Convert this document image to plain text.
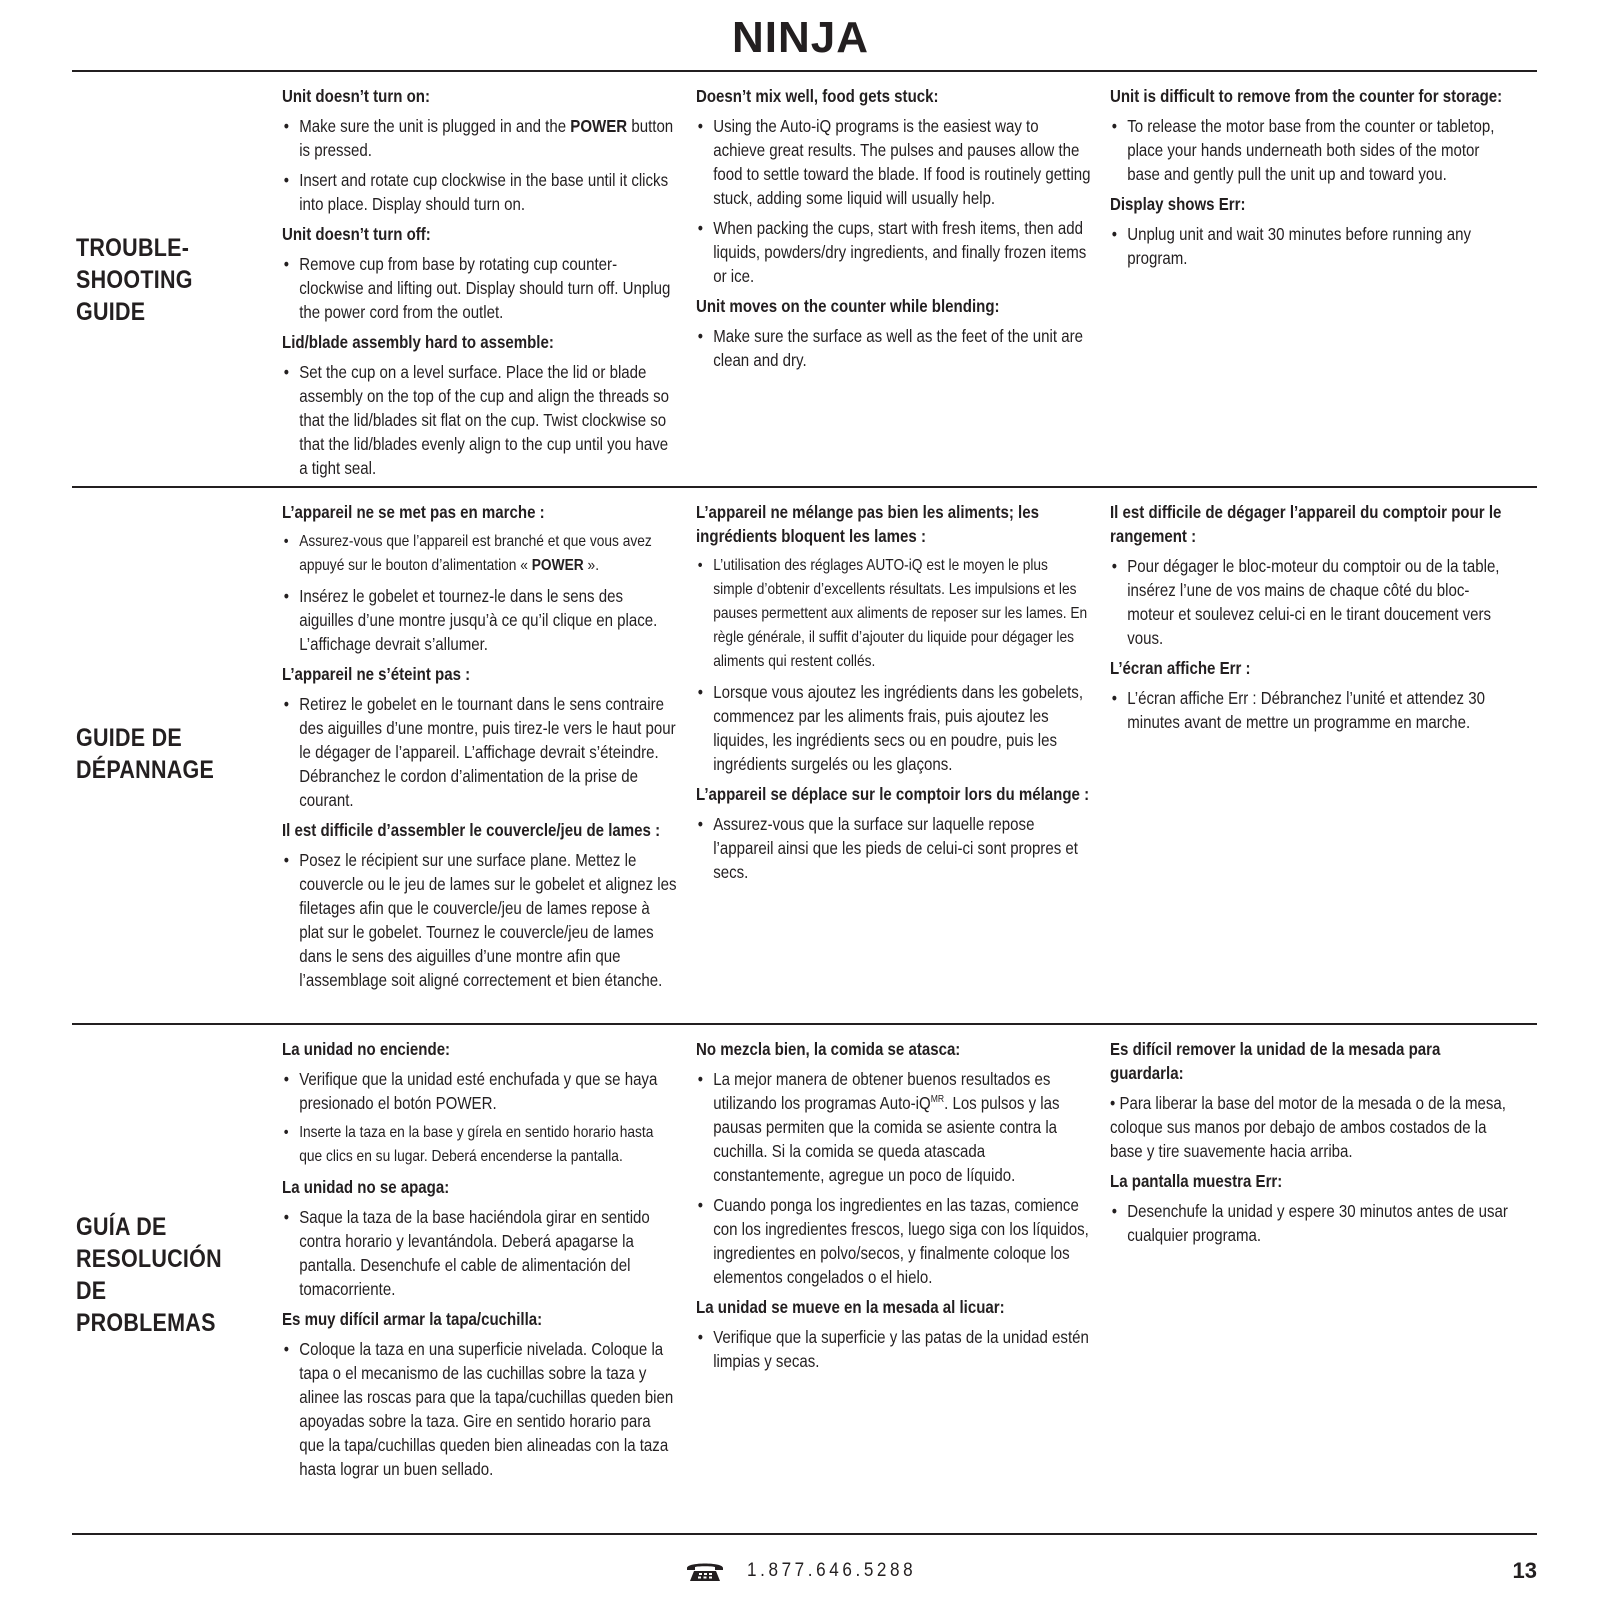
NINJA
TROUBLE-
SHOOTING
GUIDE
Unit doesn’t turn on:
• Make sure the unit is plugged in and the POWER button is pressed.
• Insert and rotate cup clockwise in the base until it clicks into place. Display should turn on.
Unit doesn’t turn off:
• Remove cup from base by rotating cup counter-clockwise and lifting out. Display should turn off. Unplug the power cord from the outlet.
Lid/blade assembly hard to assemble:
• Set the cup on a level surface. Place the lid or blade assembly on the top of the cup and align the threads so that the lid/blades sit flat on the cup. Twist clockwise so that the lid/blades evenly align to the cup until you have a tight seal.
Doesn’t mix well, food gets stuck:
• Using the Auto-iQ programs is the easiest way to achieve great results. The pulses and pauses allow the food to settle toward the blade. If food is routinely getting stuck, adding some liquid will usually help.
• When packing the cups, start with fresh items, then add liquids, powders/dry ingredients, and finally frozen items or ice.
Unit moves on the counter while blending:
• Make sure the surface as well as the feet of the unit are clean and dry.
Unit is difficult to remove from the counter for storage:
• To release the motor base from the counter or tabletop, place your hands underneath both sides of the motor base and gently pull the unit up and toward you.
Display shows Err:
• Unplug unit and wait 30 minutes before running any program.
GUIDE DE
DÉPANNAGE
L’appareil ne se met pas en marche :
• Assurez-vous que l’appareil est branché et que vous avez appuyé sur le bouton d’alimentation « POWER ».
• Insérez le gobelet et tournez-le dans le sens des aiguilles d’une montre jusqu’à ce qu’il clique en place. L’affichage devrait s’allumer.
L’appareil ne s’éteint pas :
• Retirez le gobelet en le tournant dans le sens contraire des aiguilles d’une montre, puis tirez-le vers le haut pour le dégager de l’appareil. L’affichage devrait s’éteindre. Débranchez le cordon d’alimentation de la prise de courant.
Il est difficile d’assembler le couvercle/jeu de lames :
• Posez le récipient sur une surface plane. Mettez le couvercle ou le jeu de lames sur le gobelet et alignez les filetages afin que le couvercle/jeu de lames repose à plat sur le gobelet. Tournez le couvercle/jeu de lames dans le sens des aiguilles d’une montre afin que l’assemblage soit aligné correctement et bien étanche.
L’appareil ne mélange pas bien les aliments; les ingrédients bloquent les lames :
• L’utilisation des réglages AUTO-iQ est le moyen le plus simple d’obtenir d’excellents résultats. Les impulsions et les pauses permettent aux aliments de reposer sur les lames. En règle générale, il suffit d’ajouter du liquide pour dégager les aliments qui restent collés.
• Lorsque vous ajoutez les ingrédients dans les gobelets, commencez par les aliments frais, puis ajoutez les liquides, les ingrédients secs ou en poudre, puis les ingrédients surgelés ou les glaçons.
L’appareil se déplace sur le comptoir lors du mélange :
• Assurez-vous que la surface sur laquelle repose l’appareil ainsi que les pieds de celui-ci sont propres et secs.
Il est difficile de dégager l’appareil du comptoir pour le rangement :
• Pour dégager le bloc-moteur du comptoir ou de la table, insérez l’une de vos mains de chaque côté du bloc-moteur et soulevez celui-ci en le tirant doucement vers vous.
L’écran affiche Err :
• L’écran affiche Err : Débranchez l’unité et attendez 30 minutes avant de mettre un programme en marche.
GUÍA DE
RESOLUCIÓN DE
PROBLEMAS
La unidad no enciende:
• Verifique que la unidad esté enchufada y que se haya presionado el botón POWER.
• Inserte la taza en la base y gírela en sentido horario hasta que clics en su lugar. Deberá encenderse la pantalla.
La unidad no se apaga:
• Saque la taza de la base haciéndola girar en sentido contra horario y levantándola. Deberá apagarse la pantalla. Desenchufe el cable de alimentación del tomacorriente.
Es muy difícil armar la tapa/cuchilla:
• Coloque la taza en una superficie nivelada. Coloque la tapa o el mecanismo de las cuchillas sobre la taza y alinee las roscas para que la tapa/cuchillas queden bien apoyadas sobre la taza. Gire en sentido horario para que la tapa/cuchillas queden bien alineadas con la taza hasta lograr un buen sellado.
No mezcla bien, la comida se atasca:
• La mejor manera de obtener buenos resultados es utilizando los programas Auto-$iQ^{MR}$. Los pulsos y las pausas permiten que la comida se asiente contra la cuchilla. Si la comida se queda atascada constantemente, agregue un poco de líquido.
• Cuando ponga los ingredientes en las tazas, comience con los ingredientes frescos, luego siga con los líquidos, ingredientes en polvo/secos, y finalmente coloque los elementos congelados o el hielo.
La unidad se mueve en la mesada al licuar:
• Verifique que la superficie y las patas de la unidad estén limpias y secas.
Es difícil remover la unidad de la mesada para guardarla:

• Para liberar la base del motor de la mesada o de la mesa, coloque sus manos por debajo de ambos costados de la base y tire suavemente hacia arriba.

La pantalla muestra Err:
• Desenchufe la unidad y espere 30 minutos antes de usar cualquier programa.
1.877.646.5288	13
